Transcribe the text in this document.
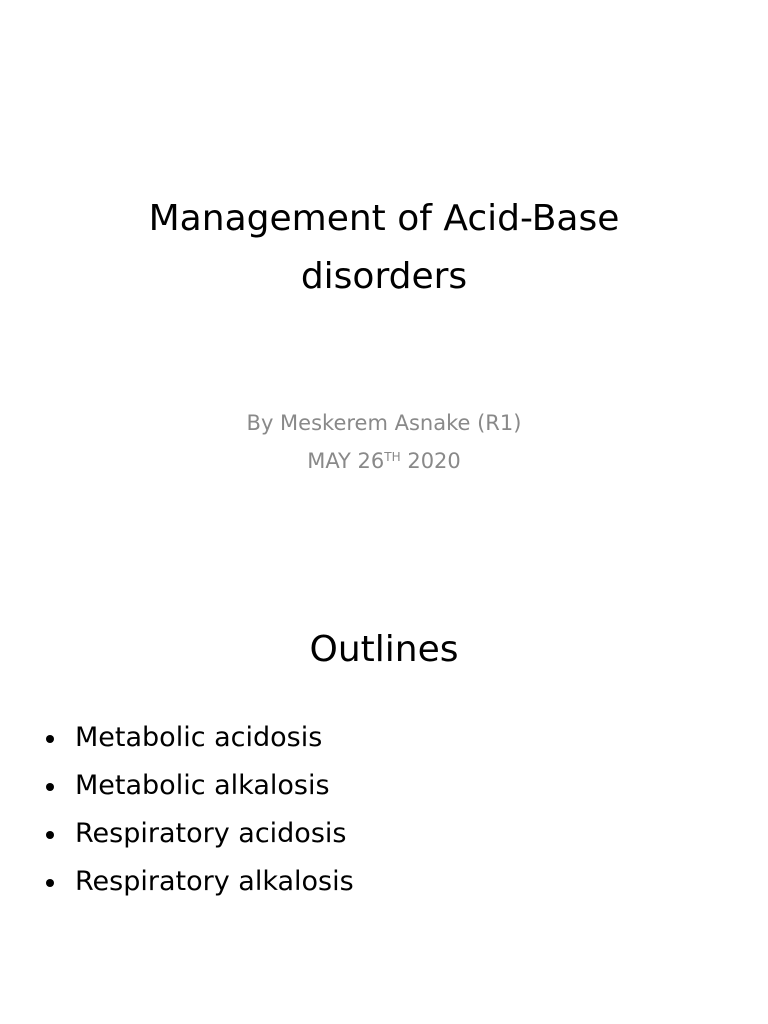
Management of Acid-Base
disorders
By Meskerem Asnake (R1)
MAY 26TH 2020
Outlines
Metabolic acidosis
Metabolic alkalosis
Respiratory acidosis
Respiratory alkalosis
